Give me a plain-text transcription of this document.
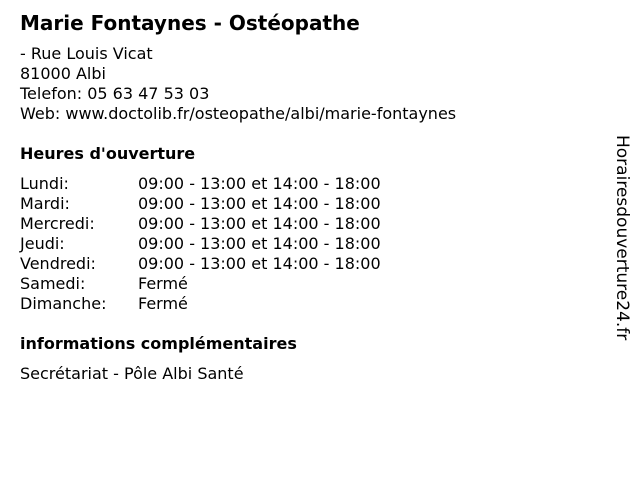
Marie Fontaynes - Ostéopathe
- Rue Louis Vicat
81000 Albi
Telefon: 05 63 47 53 03
Web: www.doctolib.fr/osteopathe/albi/marie-fontaynes
Heures d'ouverture
Lundi:	09:00 - 13:00 et 14:00 - 18:00
Mardi:	09:00 - 13:00 et 14:00 - 18:00
Mercredi:	09:00 - 13:00 et 14:00 - 18:00
Jeudi:	09:00 - 13:00 et 14:00 - 18:00
Vendredi:	09:00 - 13:00 et 14:00 - 18:00
Samedi:	Fermé
Dimanche: Fermé
informations complémentaires
Secrétariat - Pôle Albi Santé
Horairesdouverture24.fr
